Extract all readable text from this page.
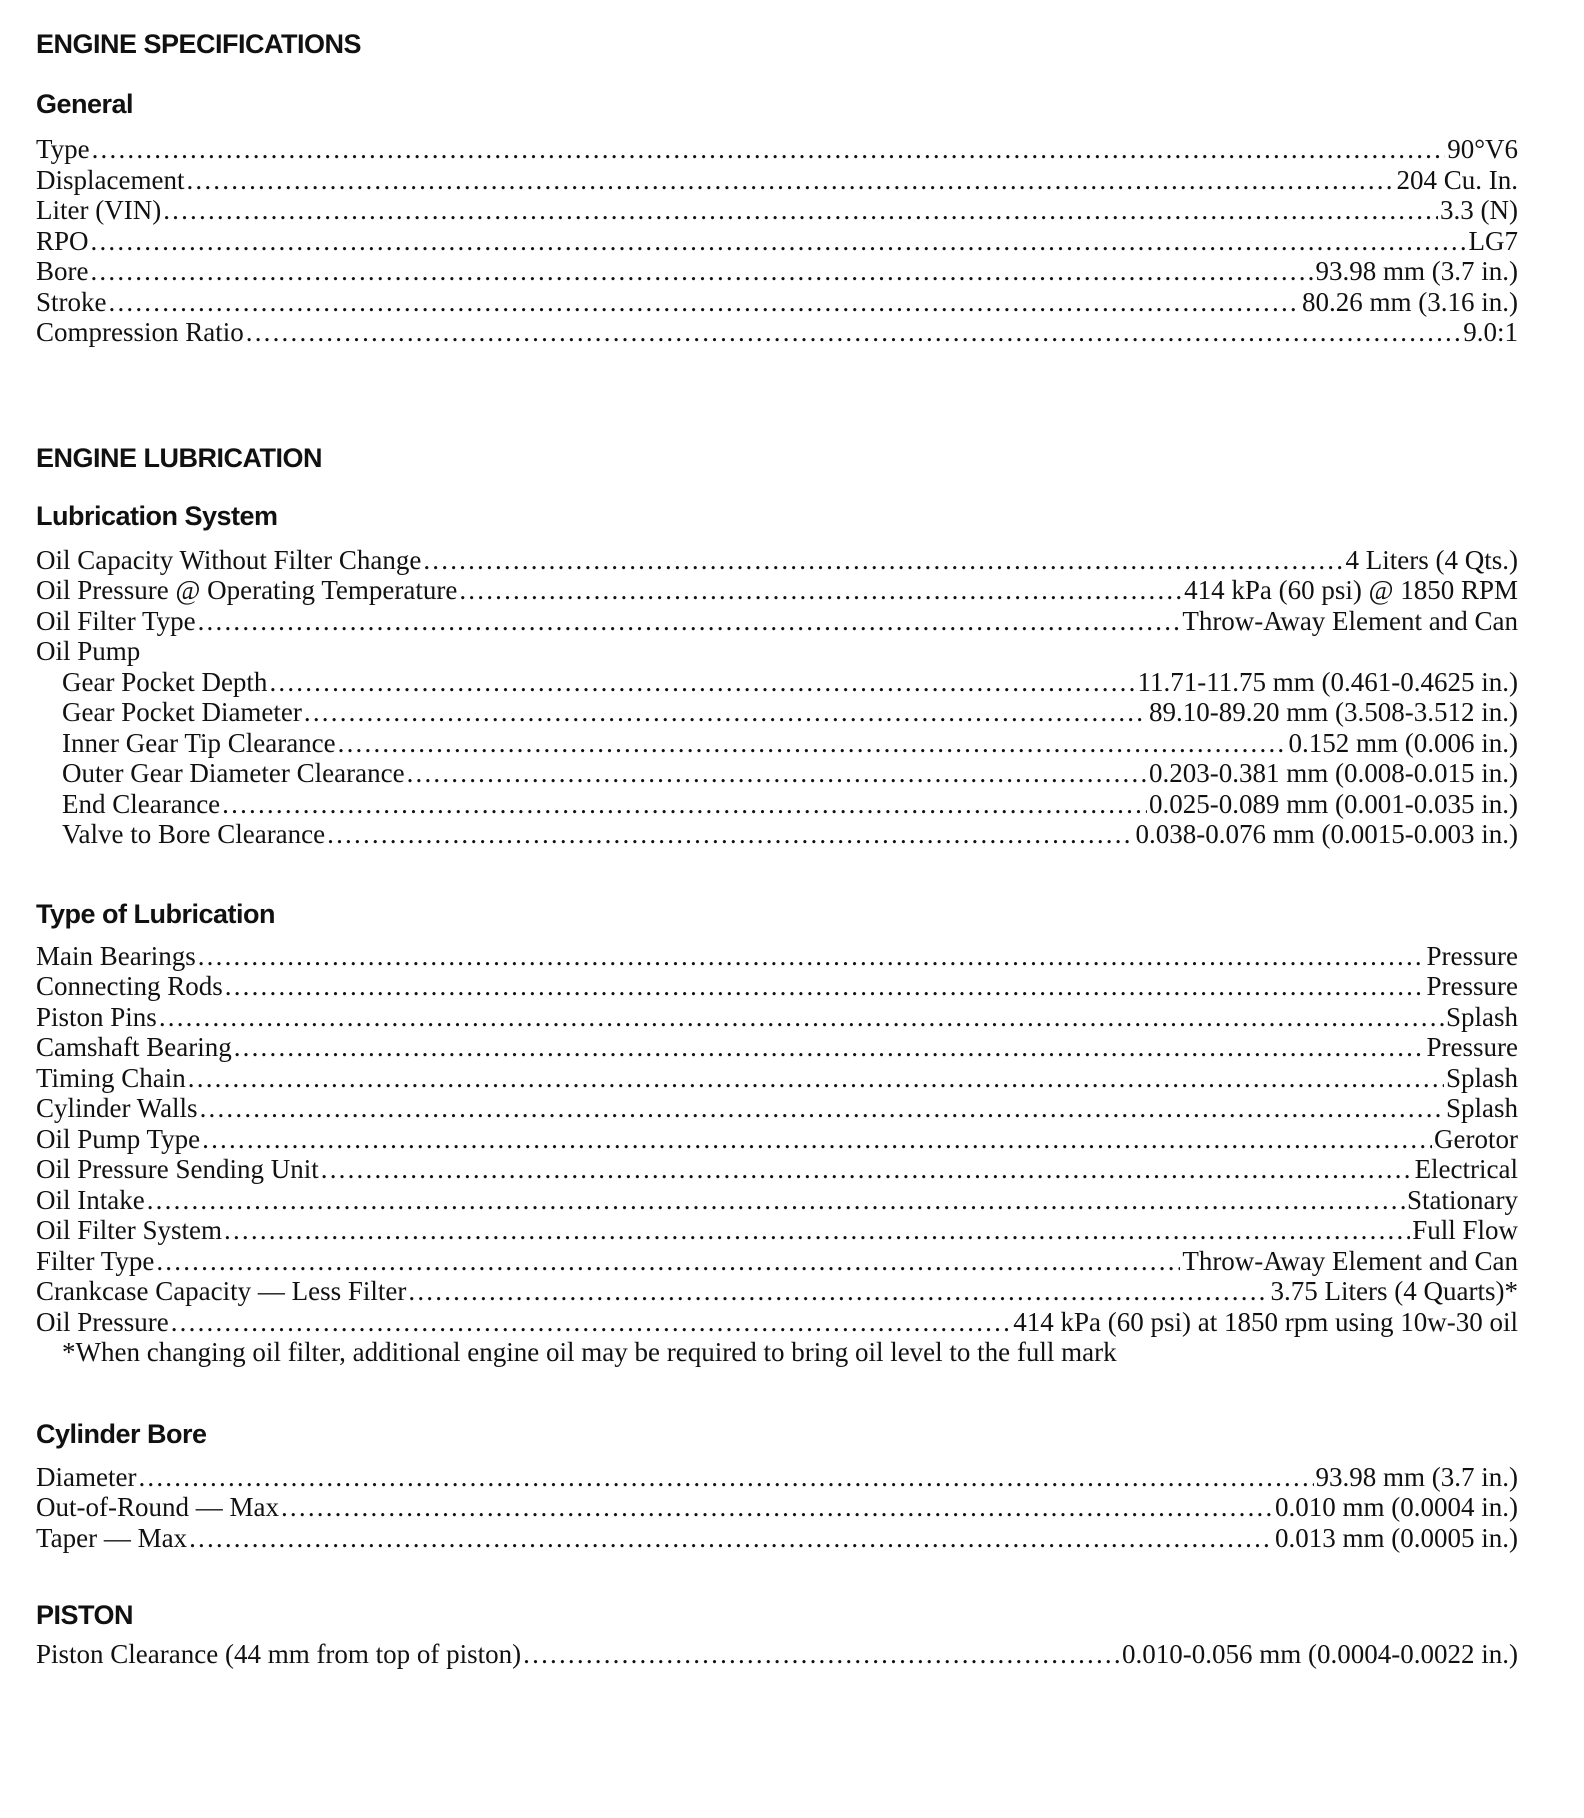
ENGINE SPECIFICATIONS
General
Type .....	90°V6
Displacement .....	204 Cu. In.
Liter (VIN) .....	3.3 (N)
RPO .....	LG7
Bore .....	93.98 mm (3.7 in.)
Stroke .....	80.26 mm (3.16 in.)
Compression Ratio .....	9.0:1
ENGINE LUBRICATION
Lubrication System
Oil Capacity Without Filter Change .....	4 Liters (4 Qts.)
Oil Pressure @ Operating Temperature .....	414 kPa (60 psi) @ 1850 RPM
Oil Filter Type .....	Throw-Away Element and Can
Oil Pump
Gear Pocket Depth .....	11.71-11.75 mm (0.461-0.4625 in.)
Gear Pocket Diameter .....	89.10-89.20 mm (3.508-3.512 in.)
Inner Gear Tip Clearance .....	0.152 mm (0.006 in.)
Outer Gear Diameter Clearance .....	0.203-0.381 mm (0.008-0.015 in.)
End Clearance .....	0.025-0.089 mm (0.001-0.035 in.)
Valve to Bore Clearance .....	0.038-0.076 mm (0.0015-0.003 in.)
Type of Lubrication
Main Bearings .....	Pressure
Connecting Rods .....	Pressure
Piston Pins .....	Splash
Camshaft Bearing .....	Pressure
Timing Chain .....	Splash
Cylinder Walls .....	Splash
Oil Pump Type .....	Gerotor
Oil Pressure Sending Unit .....	Electrical
Oil Intake .....	Stationary
Oil Filter System .....	Full Flow
Filter Type .....	Throw-Away Element and Can
Crankcase Capacity — Less Filter .....	3.75 Liters (4 Quarts)*
Oil Pressure .....	414 kPa (60 psi) at 1850 rpm using 10w-30 oil
*When changing oil filter, additional engine oil may be required to bring oil level to the full mark
Cylinder Bore
Diameter .....	93.98 mm (3.7 in.)
Out-of-Round — Max .....	0.010 mm (0.0004 in.)
Taper — Max .....	0.013 mm (0.0005 in.)
PISTON
Piston Clearance (44 mm from top of piston) .....	0.010-0.056 mm (0.0004-0.0022 in.)
